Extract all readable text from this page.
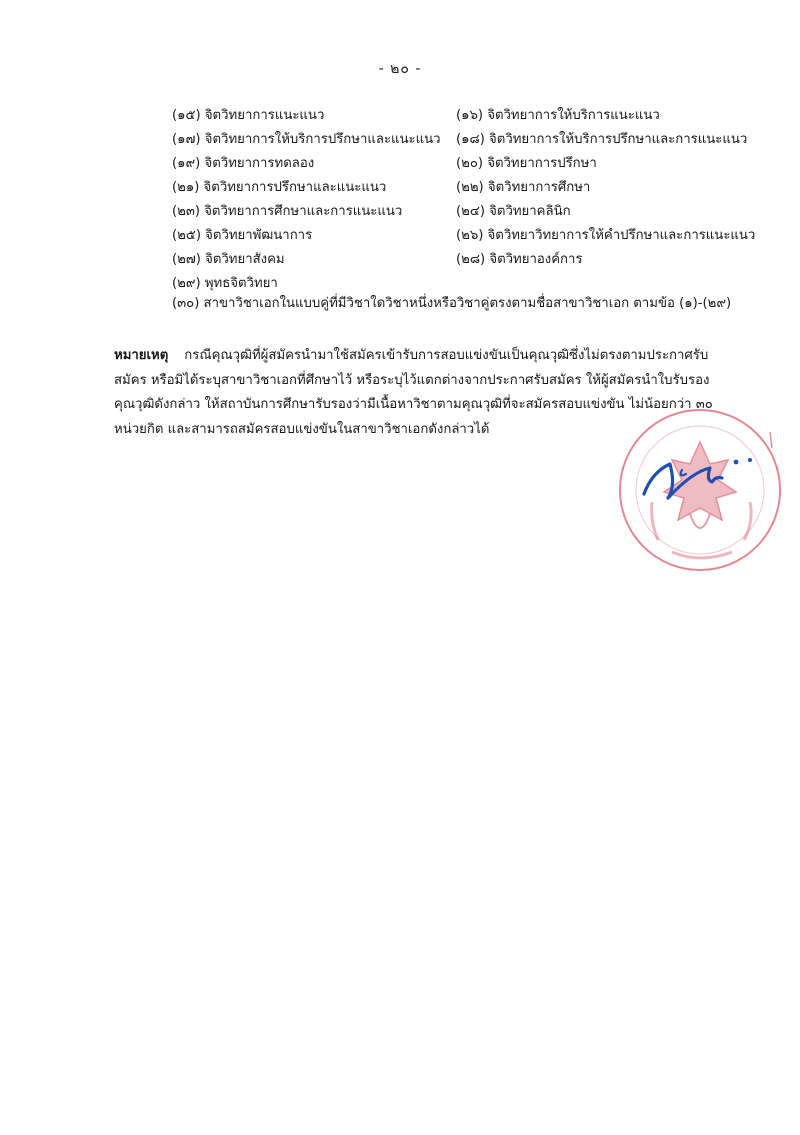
- ๒๐ -
(๑๕) จิตวิทยาการแนะแนว	(๑๖) จิตวิทยาการให้บริการแนะแนว
(๑๗) จิตวิทยาการให้บริการปรึกษาและแนะแนว	(๑๘) จิตวิทยาการให้บริการปรึกษาและการแนะแนว
(๑๙) จิตวิทยาการทดลอง	(๒๐) จิตวิทยาการปรึกษา
(๒๑) จิตวิทยาการปรึกษาและแนะแนว	(๒๒) จิตวิทยาการศึกษา
(๒๓) จิตวิทยาการศึกษาและการแนะแนว	(๒๔) จิตวิทยาคลินิก
(๒๕) จิตวิทยาพัฒนาการ	(๒๖) จิตวิทยาวิทยาการให้คำปรึกษาและการแนะแนว
(๒๗) จิตวิทยาสังคม	(๒๘) จิตวิทยาองค์การ
(๒๙) พุทธจิตวิทยา
(๓๐) สาขาวิชาเอกในแบบคู่ที่มีวิชาใดวิชาหนึ่งหรือวิชาคู่ตรงตามชื่อสาขาวิชาเอก ตามข้อ (๑)-(๒๙)
หมายเหตุ กรณีคุณวุฒิที่ผู้สมัครนำมาใช้สมัครเข้ารับการสอบแข่งขันเป็นคุณวุฒิซึ่งไม่ตรงตามประกาศรับ
สมัคร หรือมิได้ระบุสาขาวิชาเอกที่ศึกษาไว้ หรือระบุไว้แตกต่างจากประกาศรับสมัคร ให้ผู้สมัครนำใบรับรอง
คุณวุฒิดังกล่าว ให้สถาบันการศึกษารับรองว่ามีเนื้อหาวิชาตามคุณวุฒิที่จะสมัครสอบแข่งขัน ไม่น้อยกว่า ๓๐
หน่วยกิต และสามารถสมัครสอบแข่งขันในสาขาวิชาเอกดังกล่าวได้
